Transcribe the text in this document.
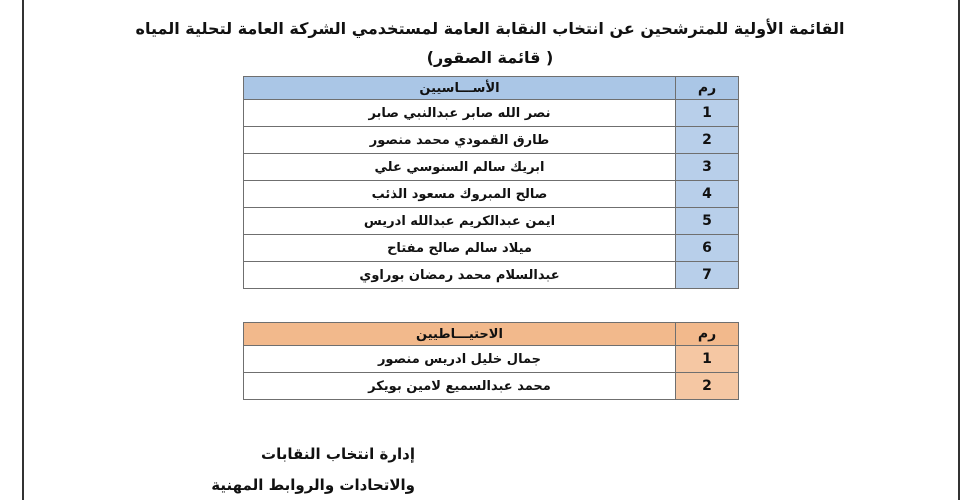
القائمة الأولية للمترشحين عن انتخاب النقابة العامة لمستخدمي الشركة العامة لتحلية المياه
( قائمة الصقور)
رم	الأســـاسيين
1	نصر الله صابر عبدالنبي صابر
2	طارق القمودي محمد منصور
3	ابريك سالم السنوسي علي
4	صالح المبروك مسعود الذئب
5	ايمن عبدالكريم عبدالله ادريس
6	ميلاد سالم صالح مفتاح
7	عبدالسلام محمد رمضان بوراوي
رم	الاحتيـــاطيين
1	جمال خليل ادريس منصور
2	محمد عبدالسميع لامين بويكر
إدارة انتخاب النقابات
والاتحادات والروابط المهنية
